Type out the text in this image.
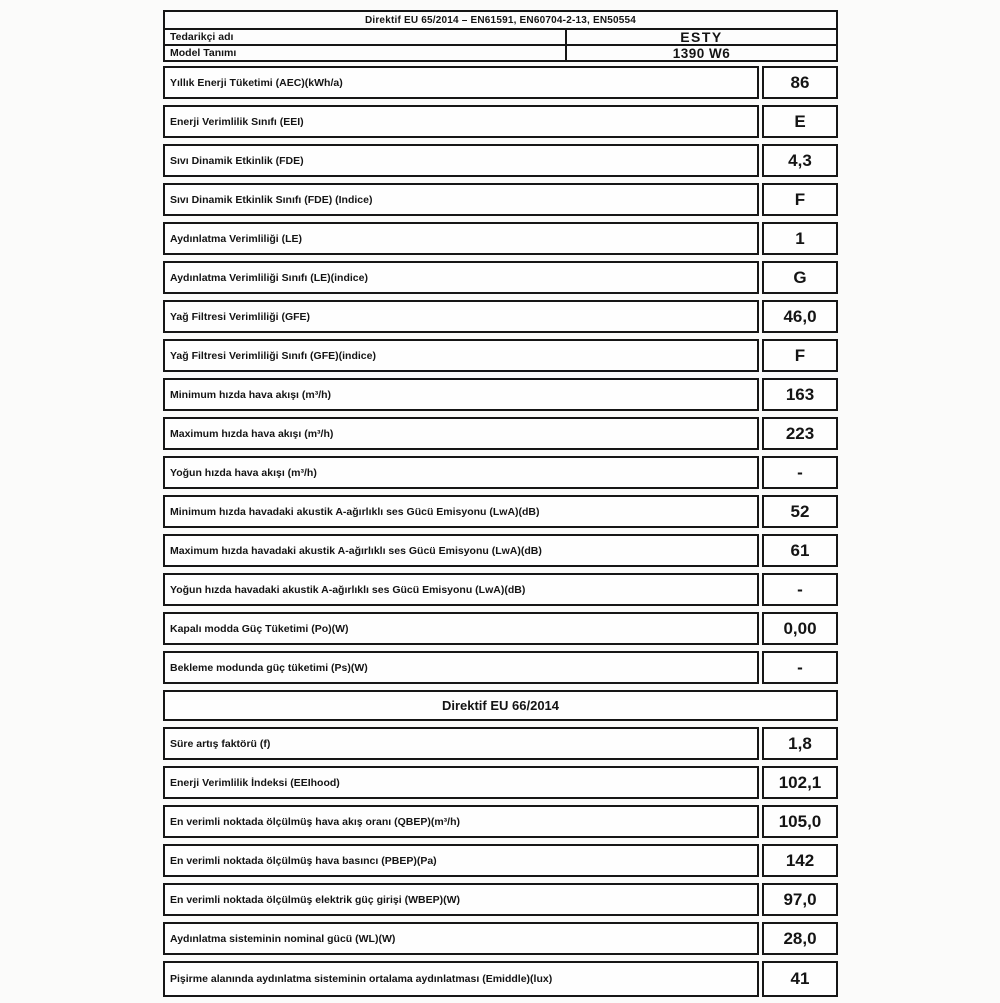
Direktif EU 65/2014 – EN61591, EN60704-2-13, EN50554
Tedarikçi adı	ESTY
Model Tanımı	1390 W6
Yıllık Enerji Tüketimi (AEC)(kWh/a)	86
Enerji Verimlilik Sınıfı (EEI)	E
Sıvı Dinamik Etkinlik (FDE)	4,3
Sıvı Dinamik Etkinlik Sınıfı (FDE) (Indice)	F
Aydınlatma Verimliliği (LE)	1
Aydınlatma Verimliliği Sınıfı (LE)(indice)	G
Yağ Filtresi Verimliliği (GFE)	46,0
Yağ Filtresi Verimliliği Sınıfı (GFE)(indice)	F
Minimum hızda hava akışı (m³/h)	163
Maximum hızda hava akışı (m³/h)	223
Yoğun hızda hava akışı (m³/h)	-
Minimum hızda havadaki akustik A-ağırlıklı ses Gücü Emisyonu (LwA)(dB)	52
Maximum hızda havadaki akustik A-ağırlıklı ses Gücü Emisyonu (LwA)(dB)	61
Yoğun hızda havadaki akustik A-ağırlıklı ses Gücü Emisyonu (LwA)(dB)	-
Kapalı modda Güç Tüketimi (Po)(W)	0,00
Bekleme modunda güç tüketimi (Ps)(W)	-
Direktif EU 66/2014
Süre artış faktörü (f)	1,8
Enerji Verimlilik İndeksi (EEIhood)	102,1
En verimli noktada ölçülmüş hava akış oranı (QBEP)(m³/h)	105,0
En verimli noktada ölçülmüş hava basıncı (PBEP)(Pa)	142
En verimli noktada ölçülmüş elektrik güç girişi (WBEP)(W)	97,0
Aydınlatma sisteminin nominal gücü (WL)(W)	28,0
Pişirme alanında aydınlatma sisteminin ortalama aydınlatması (Emiddle)(lux)	41
